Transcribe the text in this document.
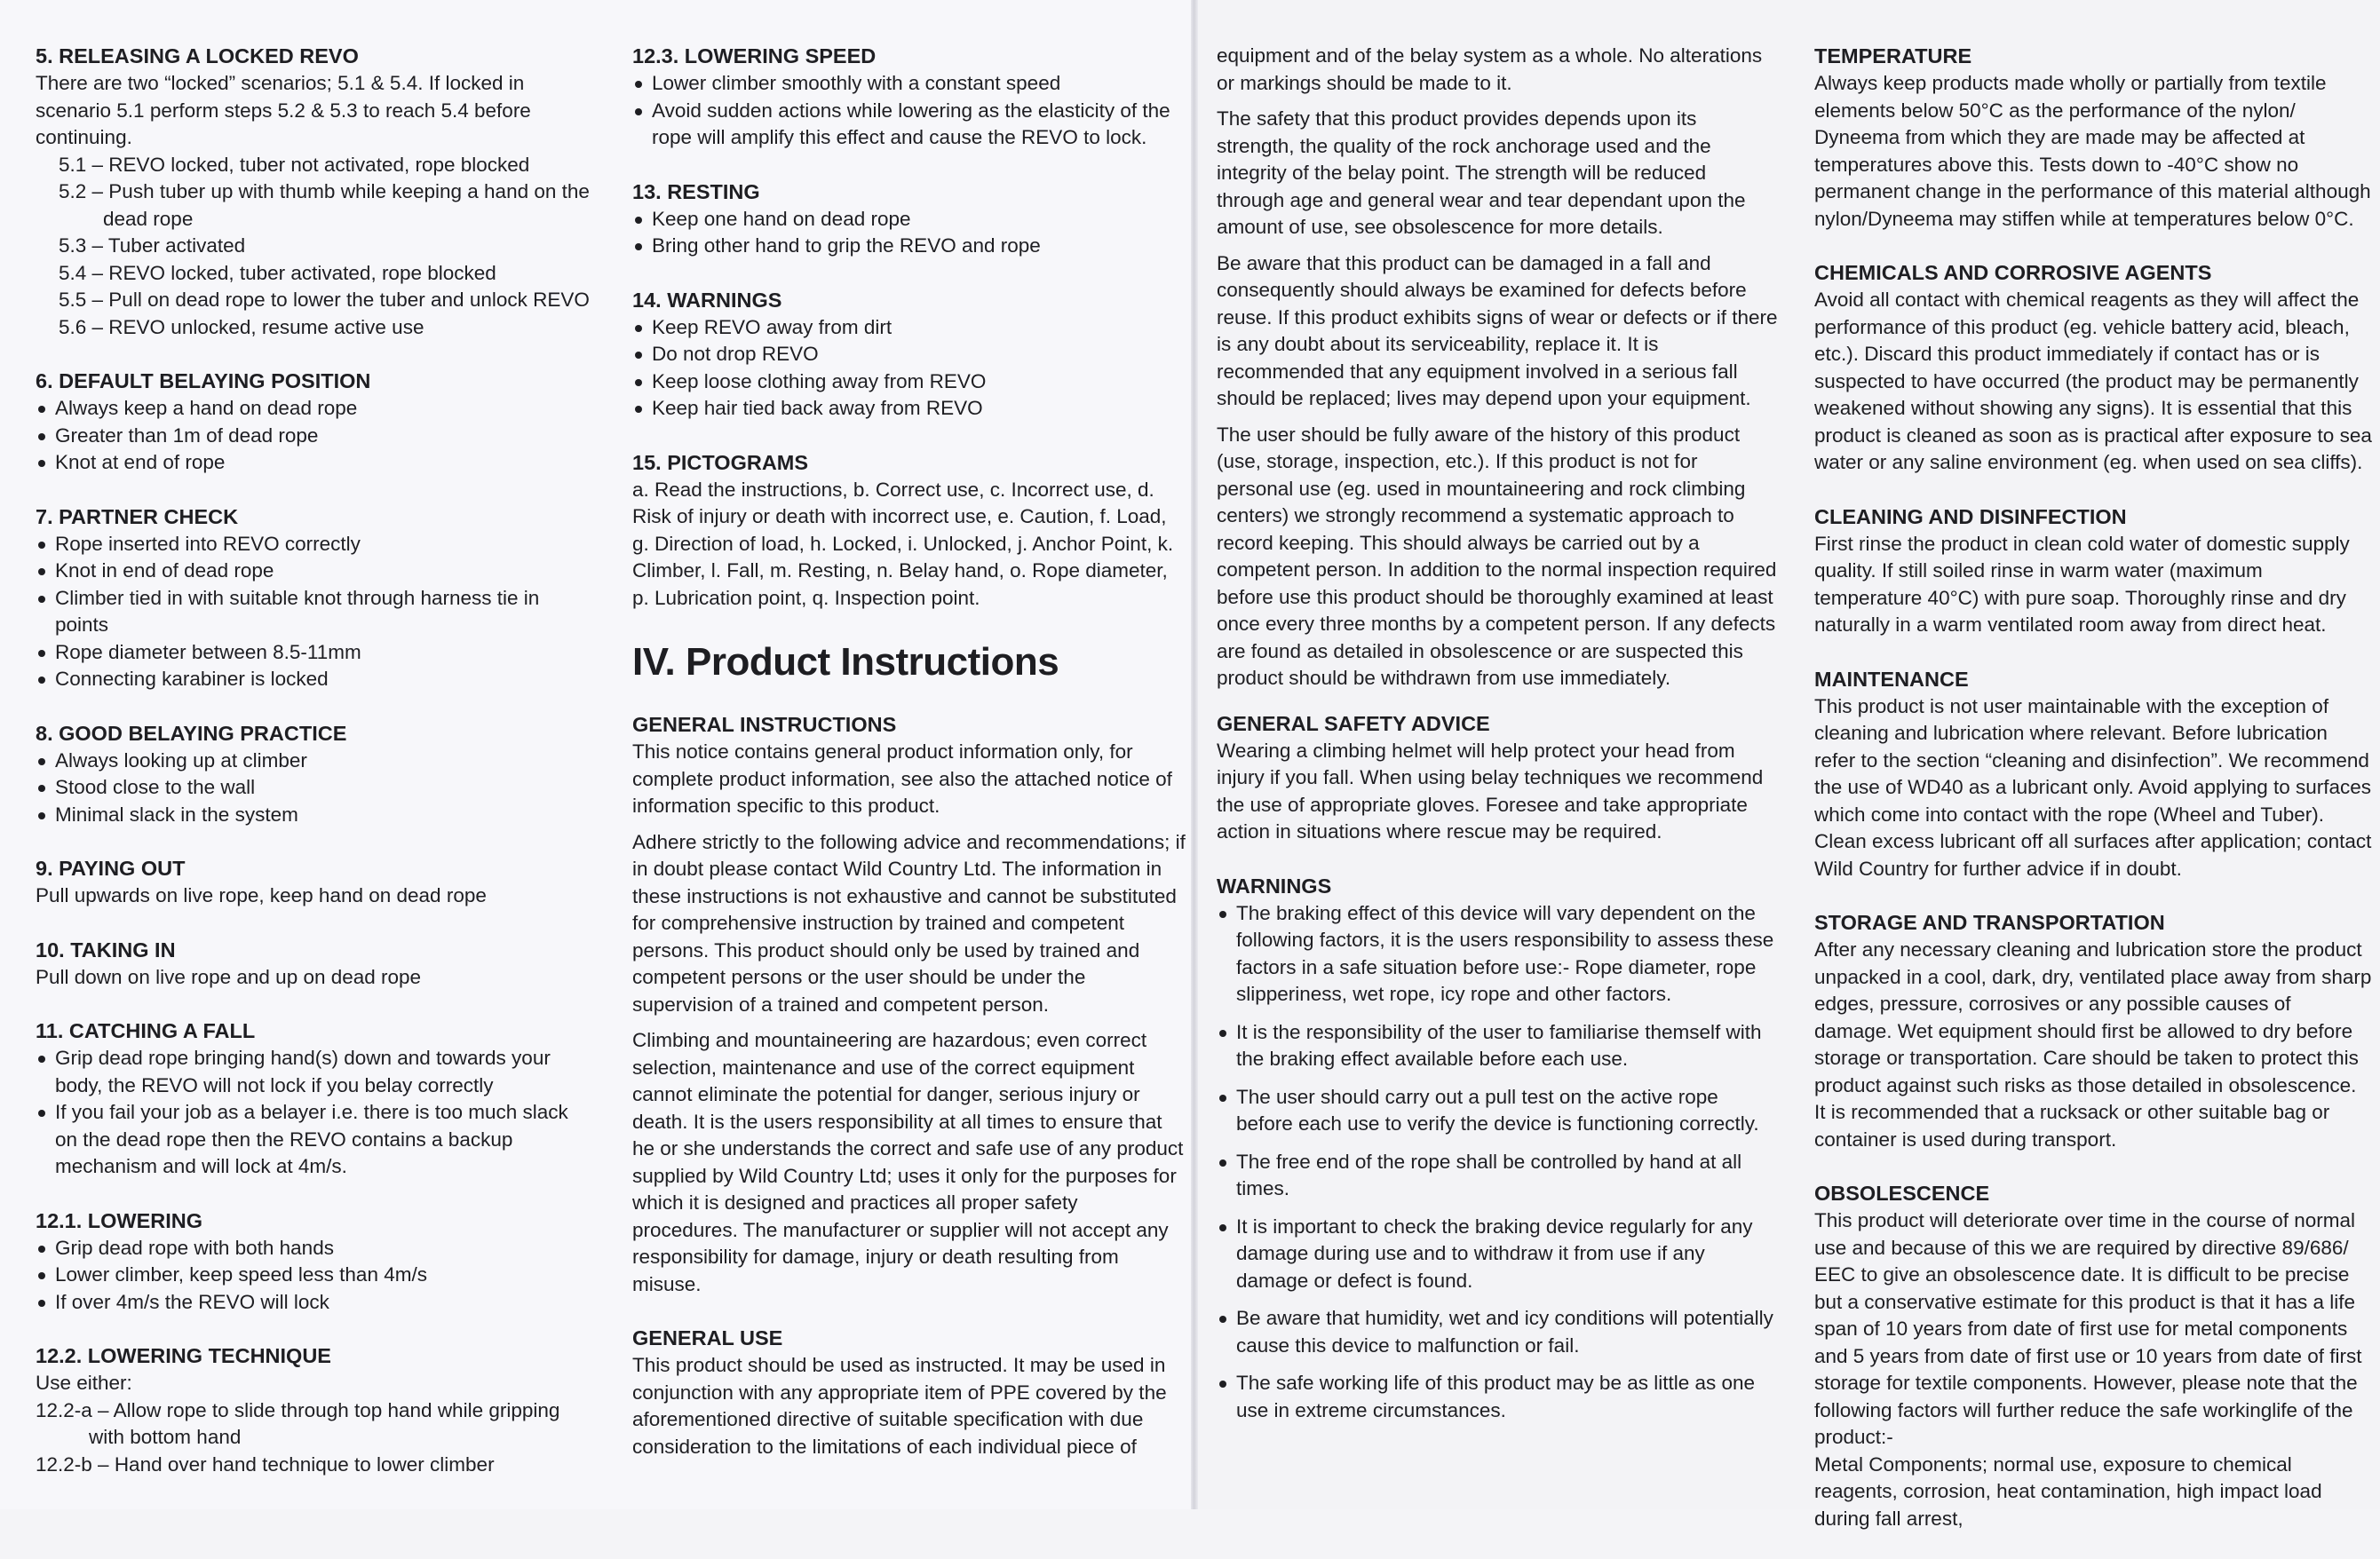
5. RELEASING A LOCKED REVO

There are two “locked” scenarios; 5.1 & 5.4. If locked in scenario 5.1 perform steps 5.2 & 5.3 to reach 5.4 before continuing.

5.1 – REVO locked, tuber not activated, rope blocked
5.2 – Push tuber up with thumb while keeping a hand on the dead rope
5.3 – Tuber activated
5.4 – REVO locked, tuber activated, rope blocked
5.5 – Pull on dead rope to lower the tuber and unlock REVO
5.6 – REVO unlocked, resume active use
6. DEFAULT BELAYING POSITION
Always keep a hand on dead rope
Greater than 1m of dead rope
Knot at end of rope
7. PARTNER CHECK
Rope inserted into REVO correctly
Knot in end of dead rope
Climber tied in with suitable knot through harness tie in points
Rope diameter between 8.5-11mm
Connecting karabiner is locked
8. GOOD BELAYING PRACTICE
Always looking up at climber
Stood close to the wall
Minimal slack in the system
9. PAYING OUT

Pull upwards on live rope, keep hand on dead rope

10. TAKING IN

Pull down on live rope and up on dead rope

11. CATCHING A FALL
Grip dead rope bringing hand(s) down and towards your body, the REVO will not lock if you belay correctly
If you fail your job as a belayer i.e. there is too much slack on the dead rope then the REVO contains a backup mechanism and will lock at 4m/s.
12.1. LOWERING
Grip dead rope with both hands
Lower climber, keep speed less than 4m/s
If over 4m/s the REVO will lock
12.2. LOWERING TECHNIQUE

Use either:

12.2-a – Allow rope to slide through top hand while gripping with bottom hand
12.2-b – Hand over hand technique to lower climber
12.3. LOWERING SPEED
Lower climber smoothly with a constant speed
Avoid sudden actions while lowering as the elasticity of the rope will amplify this effect and cause the REVO to lock.
13. RESTING
Keep one hand on dead rope
Bring other hand to grip the REVO and rope
14. WARNINGS
Keep REVO away from dirt
Do not drop REVO
Keep loose clothing away from REVO
Keep hair tied back away from REVO
15. PICTOGRAMS

a. Read the instructions, b. Correct use, c. Incorrect use, d. Risk of injury or death with incorrect use, e. Caution, f. Load, g. Direction of load, h. Locked, i. Unlocked, j. Anchor Point, k. Climber, l. Fall, m. Resting, n. Belay hand, o. Rope diameter, p. Lubrication point, q. Inspection point.

IV. Product Instructions
GENERAL INSTRUCTIONS

This notice contains general product information only, for complete product information, see also the attached notice of information specific to this product.

Adhere strictly to the following advice and recommendations; if in doubt please contact Wild Country Ltd. The information in these instructions is not exhaustive and cannot be substituted for comprehensive instruction by trained and competent persons. This product should only be used by trained and competent persons or the user should be under the supervision of a trained and competent person.

Climbing and mountaineering are hazardous; even correct selection, maintenance and use of the correct equipment cannot eliminate the potential for danger, serious injury or death. It is the users responsibility at all times to ensure that he or she understands the correct and safe use of any product supplied by Wild Country Ltd; uses it only for the purposes for which it is designed and practices all proper safety procedures. The manufacturer or supplier will not accept any responsibility for damage, injury or death resulting from misuse.

GENERAL USE

This product should be used as instructed. It may be used in conjunction with any appropriate item of PPE covered by the aforementioned directive of suitable specification with due consideration to the limitations of each individual piece of

equipment and of the belay system as a whole. No alterations or markings should be made to it.

The safety that this product provides depends upon its strength, the quality of the rock anchorage used and the integrity of the belay point. The strength will be reduced through age and general wear and tear dependant upon the amount of use, see obsolescence for more details.

Be aware that this product can be damaged in a fall and consequently should always be examined for defects before reuse. If this product exhibits signs of wear or defects or if there is any doubt about its serviceability, replace it. It is recommended that any equipment involved in a serious fall should be replaced; lives may depend upon your equipment.

The user should be fully aware of the history of this product (use, storage, inspection, etc.). If this product is not for personal use (eg. used in mountaineering and rock climbing centers) we strongly recommend a systematic approach to record keeping. This should always be carried out by a competent person. In addition to the normal inspection required before use this product should be thoroughly examined at least once every three months by a competent person. If any defects are found as detailed in obsolescence or are suspected this product should be withdrawn from use immediately.

GENERAL SAFETY ADVICE

Wearing a climbing helmet will help protect your head from injury if you fall. When using belay techniques we recommend the use of appropriate gloves. Foresee and take appropriate action in situations where rescue may be required.

WARNINGS
The braking effect of this device will vary dependent on the following factors, it is the users responsibility to assess these factors in a safe situation before use:- Rope diameter, rope slipperiness, wet rope, icy rope and other factors.
It is the responsibility of the user to familiarise themself with the braking effect available before each use.
The user should carry out a pull test on the active rope before each use to verify the device is functioning correctly.
The free end of the rope shall be controlled by hand at all times.
It is important to check the braking device regularly for any damage during use and to withdraw it from use if any damage or defect is found.
Be aware that humidity, wet and icy conditions will potentially cause this device to malfunction or fail.
The safe working life of this product may be as little as one use in extreme circumstances.
TEMPERATURE

Always keep products made wholly or partially from textile elements below 50°C as the performance of the nylon/ Dyneema from which they are made may be affected at temperatures above this. Tests down to -40°C show no permanent change in the performance of this material although nylon/Dyneema may stiffen while at temperatures below 0°C.

CHEMICALS AND CORROSIVE AGENTS

Avoid all contact with chemical reagents as they will affect the performance of this product (eg. vehicle battery acid, bleach, etc.). Discard this product immediately if contact has or is suspected to have occurred (the product may be permanently weakened without showing any signs). It is essential that this product is cleaned as soon as is practical after exposure to sea water or any saline environment (eg. when used on sea cliffs).

CLEANING AND DISINFECTION

First rinse the product in clean cold water of domestic supply quality. If still soiled rinse in warm water (maximum temperature 40°C) with pure soap. Thoroughly rinse and dry naturally in a warm ventilated room away from direct heat.

MAINTENANCE

This product is not user maintainable with the exception of cleaning and lubrication where relevant. Before lubrication refer to the section “cleaning and disinfection”. We recommend the use of WD40 as a lubricant only. Avoid applying to surfaces which come into contact with the rope (Wheel and Tuber). Clean excess lubricant off all surfaces after application; contact Wild Country for further advice if in doubt.

STORAGE AND TRANSPORTATION

After any necessary cleaning and lubrication store the product unpacked in a cool, dark, dry, ventilated place away from sharp edges, pressure, corrosives or any possible causes of damage. Wet equipment should first be allowed to dry before storage or transportation. Care should be taken to protect this product against such risks as those detailed in obsolescence. It is recommended that a rucksack or other suitable bag or container is used during transport.

OBSOLESCENCE

This product will deteriorate over time in the course of normal use and because of this we are required by directive 89/686/ EEC to give an obsolescence date. It is difficult to be precise but a conservative estimate for this product is that it has a life span of 10 years from date of first use for metal components and 5 years from date of first use or 10 years from date of first storage for textile components. However, please note that the following factors will further reduce the safe workinglife of the product:-

Metal Components; normal use, exposure to chemical reagents, corrosion, heat contamination, high impact load during fall arrest,
